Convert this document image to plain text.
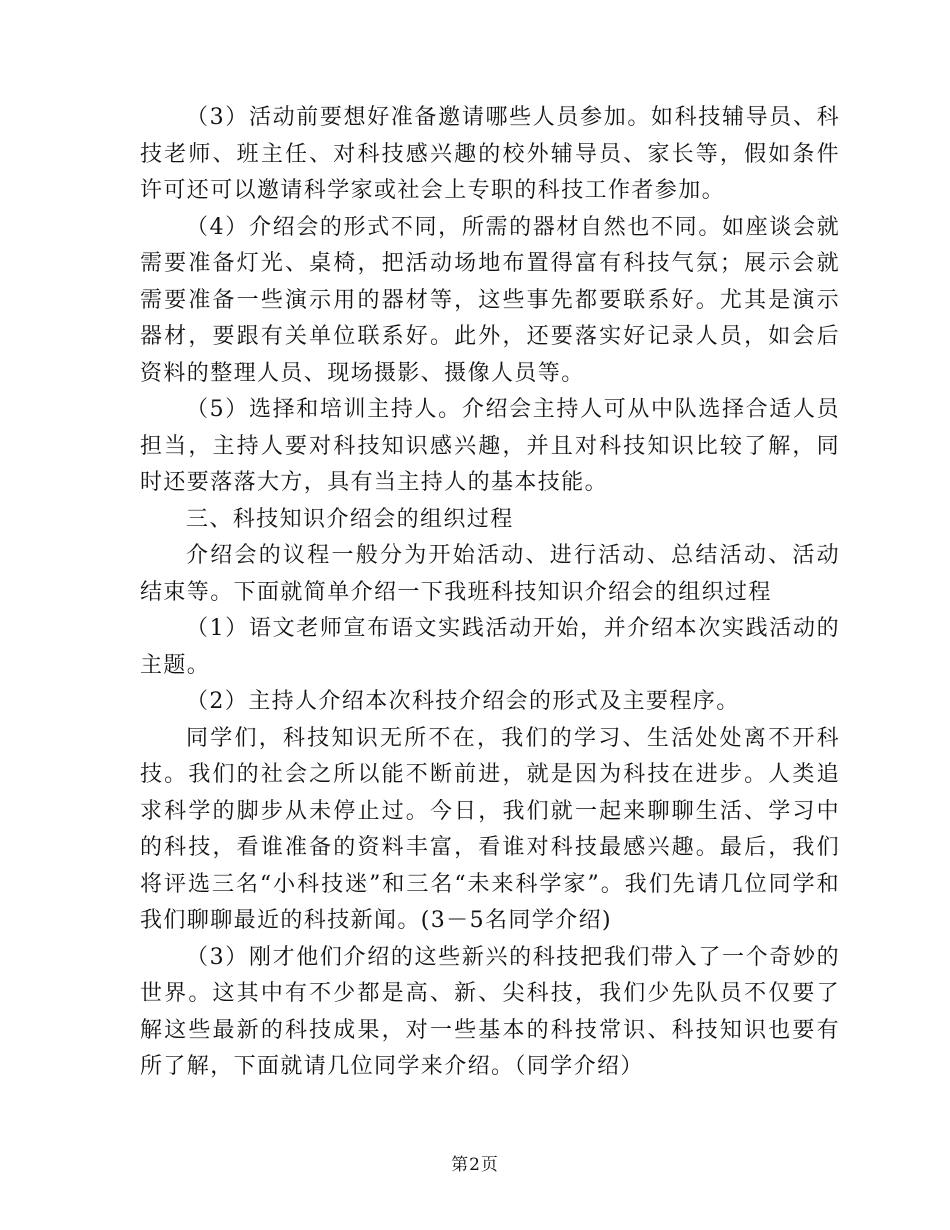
（3）活动前要想好准备邀请哪些人员参加。如科技辅导员、科技老师、班主任、对科技感兴趣的校外辅导员、家长等，假如条件许可还可以邀请科学家或社会上专职的科技工作者参加。

（4）介绍会的形式不同，所需的器材自然也不同。如座谈会就需要准备灯光、桌椅，把活动场地布置得富有科技气氛；展示会就需要准备一些演示用的器材等，这些事先都要联系好。尤其是演示器材，要跟有关单位联系好。此外，还要落实好记录人员，如会后资料的整理人员、现场摄影、摄像人员等。

（5）选择和培训主持人。介绍会主持人可从中队选择合适人员担当，主持人要对科技知识感兴趣，并且对科技知识比较了解，同时还要落落大方，具有当主持人的基本技能。

三、科技知识介绍会的组织过程

介绍会的议程一般分为开始活动、进行活动、总结活动、活动结束等。下面就简单介绍一下我班科技知识介绍会的组织过程

（1）语文老师宣布语文实践活动开始，并介绍本次实践活动的主题。

（2）主持人介绍本次科技介绍会的形式及主要程序。

同学们，科技知识无所不在，我们的学习、生活处处离不开科技。我们的社会之所以能不断前进，就是因为科技在进步。人类追求科学的脚步从未停止过。今日，我们就一起来聊聊生活、学习中的科技，看谁准备的资料丰富，看谁对科技最感兴趣。最后，我们将评选三名“小科技迷”和三名“未来科学家”。我们先请几位同学和我们聊聊最近的科技新闻。(3－5名同学介绍)

（3）刚才他们介绍的这些新兴的科技把我们带入了一个奇妙的世界。这其中有不少都是高、新、尖科技，我们少先队员不仅要了解这些最新的科技成果，对一些基本的科技常识、科技知识也要有所了解，下面就请几位同学来介绍。（同学介绍）

第2页
